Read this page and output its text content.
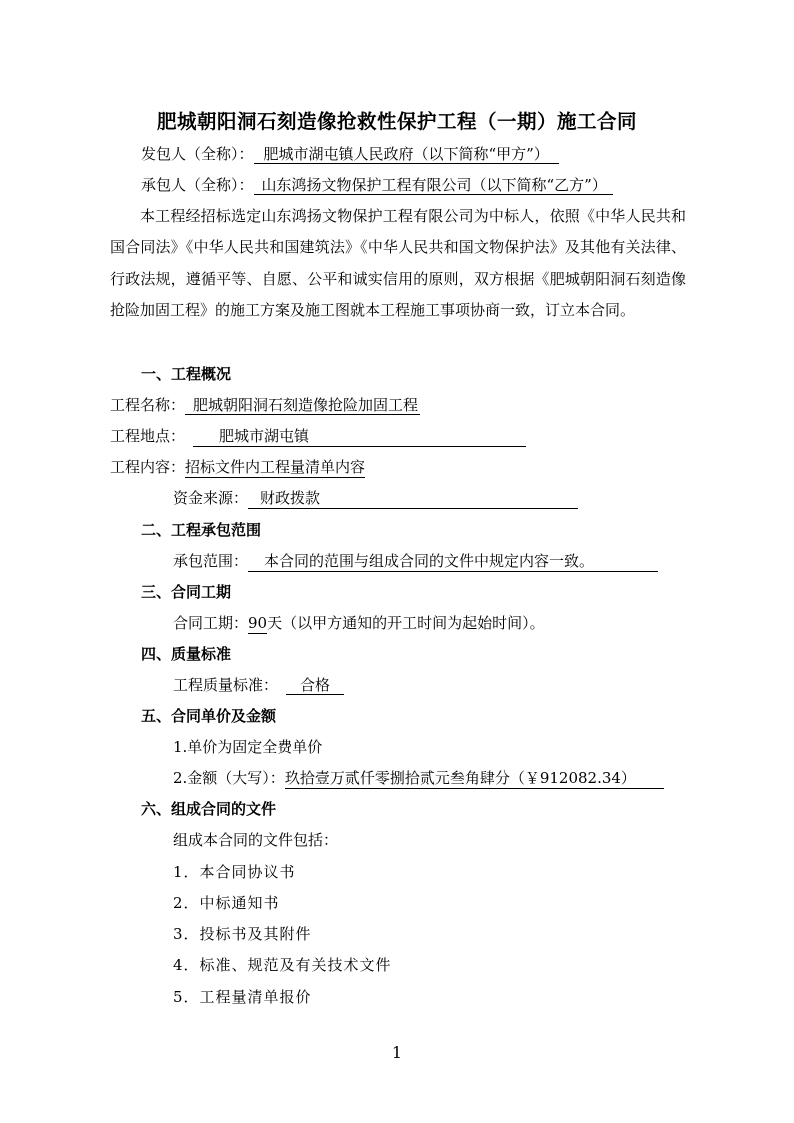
肥城朝阳洞石刻造像抢救性保护工程（一期）施工合同
发包人（全称）：肥城市湖屯镇人民政府（以下简称“甲方”）
承包人（全称）： 山东鸿扬文物保护工程有限公司（以下简称“乙方”）
本工程经招标选定山东鸿扬文物保护工程有限公司为中标人，依照《中华人民共和国合同法》《中华人民共和国建筑法》《中华人民共和国文物保护法》及其他有关法律、行政法规，遵循平等、自愿、公平和诚实信用的原则，双方根据《肥城朝阳洞石刻造像抢险加固工程》的施工方案及施工图就本工程施工事项协商一致，订立本合同。
一、工程概况
工程名称： 肥城朝阳洞石刻造像抢险加固工程
工程地点： 肥城市湖屯镇
工程内容：招标文件内工程量清单内容
资金来源： 财政拨款
二、工程承包范围
承包范围： 本合同的范围与组成合同的文件中规定内容一致。
三、合同工期
合同工期：90天（以甲方通知的开工时间为起始时间）。
四、质量标准
工程质量标准： 合格
五、合同单价及金额
1.单价为固定全费单价
2.金额（大写）：玖拾壹万贰仟零捌拾贰元叁角肆分（￥912082.34）
六、组成合同的文件
组成本合同的文件包括：
1．本合同协议书
2．中标通知书
3．投标书及其附件
4．标准、规范及有关技术文件
5．工程量清单报价
1
